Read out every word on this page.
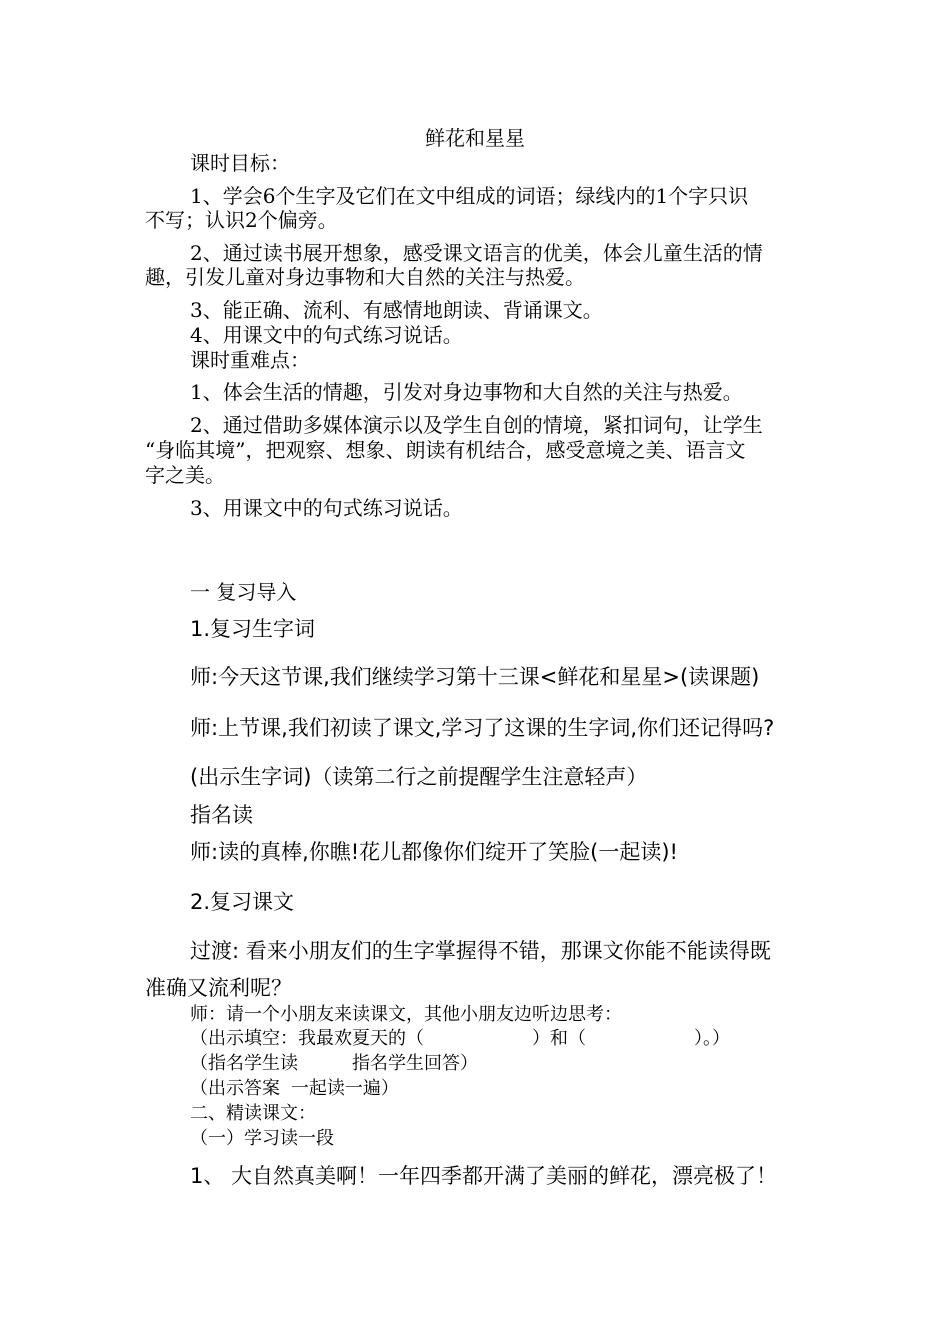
鲜花和星星
课时目标：
1、学会6个生字及它们在文中组成的词语；绿线内的1个字只识
不写；认识2个偏旁。
2、通过读书展开想象，感受课文语言的优美，体会儿童生活的情
趣，引发儿童对身边事物和大自然的关注与热爱。
3、能正确、流利、有感情地朗读、背诵课文。
4、用课文中的句式练习说话。
课时重难点：
1、体会生活的情趣，引发对身边事物和大自然的关注与热爱。
2、通过借助多媒体演示以及学生自创的情境，紧扣词句，让学生
“身临其境”，把观察、想象、朗读有机结合，感受意境之美、语言文
字之美。
3、用课文中的句式练习说话。
一 复习导入
1.复习生字词
师:今天这节课,我们继续学习第十三课<鲜花和星星>(读课题)
师:上节课,我们初读了课文,学习了这课的生字词,你们还记得吗?
(出示生字词)（读第二行之前提醒学生注意轻声）
指名读
师:读的真棒,你瞧!花儿都像你们绽开了笑脸(一起读)!
2.复习课文
过渡: 看来小朋友们的生字掌握得不错，那课文你能不能读得既
准确又流利呢？
师：请一个小朋友来读课文，其他小朋友边听边思考：
（出示填空：我最欢夏天的（　　　　　　）和（　　　　　　）。）
（指名学生读　　　指名学生回答）
（出示答案 一起读一遍）
二、精读课文：
（一）学习读一段
1、 大自然真美啊！一年四季都开满了美丽的鲜花，漂亮极了！
